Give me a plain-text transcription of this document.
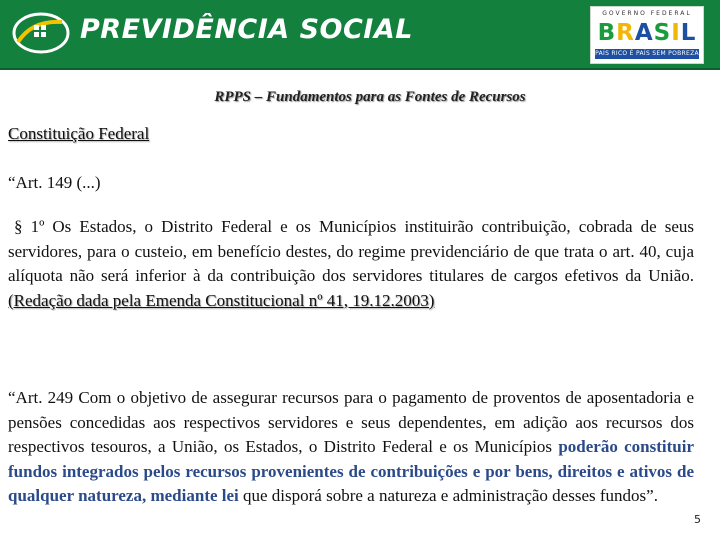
PREVIDÊNCIA SOCIAL
GOVERNO FEDERAL
BRASIL
PAÍS RICO É PAÍS SEM POBREZA
RPPS – Fundamentos para as Fontes de Recursos
Constituição Federal
“Art. 149 (...)
§ 1º Os Estados, o Distrito Federal e os Municípios instituirão contribuição, cobrada de seus servidores, para o custeio, em benefício destes, do regime previdenciário de que trata o art. 40, cuja alíquota não será inferior à da contribuição dos servidores titulares de cargos efetivos da União. (Redação dada pela Emenda Constitucional nº 41, 19.12.2003)
“Art. 249 Com o objetivo de assegurar recursos para o pagamento de proventos de aposentadoria e pensões concedidas aos respectivos servidores e seus dependentes, em adição aos recursos dos respectivos tesouros, a União, os Estados, o Distrito Federal e os Municípios poderão constituir fundos integrados pelos recursos provenientes de contribuições e por bens, direitos e ativos de qualquer natureza, mediante lei que disporá sobre a natureza e administração desses fundos”.
5
